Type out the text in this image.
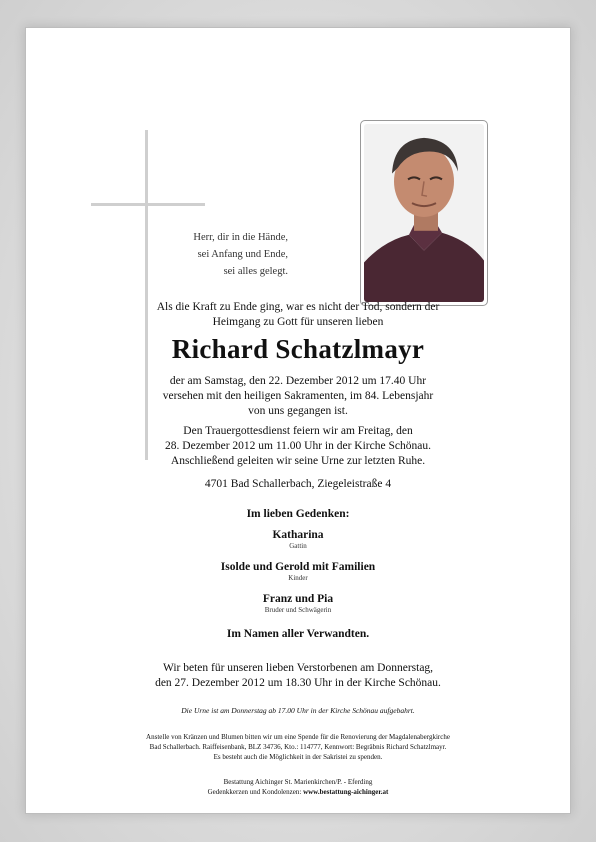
Herr, dir in die Hände,
sei Anfang und Ende,
sei alles gelegt.
Als die Kraft zu Ende ging, war es nicht der Tod, sondern der
Heimgang zu Gott für unseren lieben
Richard Schatzlmayr
der am Samstag, den 22. Dezember 2012 um 17.40 Uhr
versehen mit den heiligen Sakramenten, im 84. Lebensjahr
von uns gegangen ist.
Den Trauergottesdienst feiern wir am Freitag, den
28. Dezember 2012 um 11.00 Uhr in der Kirche Schönau.
Anschließend geleiten wir seine Urne zur letzten Ruhe.
4701 Bad Schallerbach, Ziegeleistraße 4
Im lieben Gedenken:
Katharina
Gattin
Isolde und Gerold mit Familien
Kinder
Franz und Pia
Bruder und Schwägerin
Im Namen aller Verwandten.
Wir beten für unseren lieben Verstorbenen am Donnerstag,
den 27. Dezember 2012 um 18.30 Uhr in der Kirche Schönau.
Die Urne ist am Donnerstag ab 17.00 Uhr in der Kirche Schönau aufgebahrt.
Anstelle von Kränzen und Blumen bitten wir um eine Spende für die Renovierung der Magdalenabergkirche
Bad Schallerbach. Raiffeisenbank, BLZ 34736, Kto.: 114777, Kennwort: Begräbnis Richard Schatzlmayr.
Es besteht auch die Möglichkeit in der Sakristei zu spenden.
Bestattung Aichinger St. Marienkirchen/P. - Eferding
Gedenkkerzen und Kondolenzen: www.bestattung-aichinger.at
